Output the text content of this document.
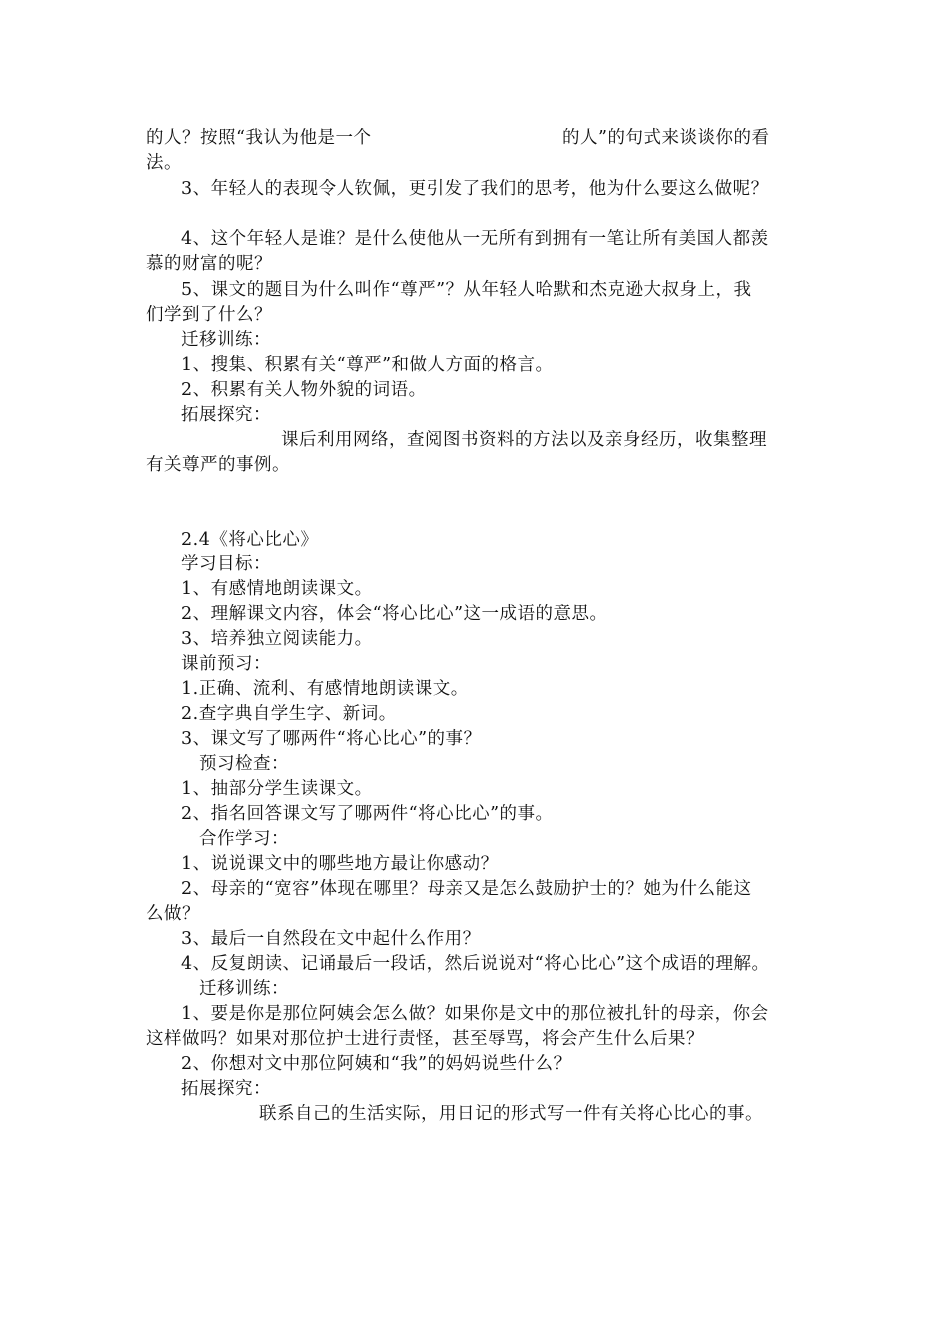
的人？按照“我认为他是一个	的人”的句式来谈谈你的看
法。
3、年轻人的表现令人钦佩，更引发了我们的思考，他为什么要这么做呢？
4、这个年轻人是谁？是什么使他从一无所有到拥有一笔让所有美国人都羡
慕的财富的呢？
5、课文的题目为什么叫作“尊严”？从年轻人哈默和杰克逊大叔身上，我
们学到了什么？
迁移训练：
1、搜集、积累有关“尊严”和做人方面的格言。
2、积累有关人物外貌的词语。
拓展探究：
课后利用网络，查阅图书资料的方法以及亲身经历，收集整理
有关尊严的事例。
2.4《将心比心》
学习目标：
1、有感情地朗读课文。
2、理解课文内容，体会“将心比心”这一成语的意思。
3、培养独立阅读能力。
课前预习：
1.正确、流利、有感情地朗读课文。
2.查字典自学生字、新词。
3、课文写了哪两件“将心比心”的事？
预习检查：
1、抽部分学生读课文。
2、指名回答课文写了哪两件“将心比心”的事。
合作学习：
1、说说课文中的哪些地方最让你感动？
2、母亲的“宽容”体现在哪里？母亲又是怎么鼓励护士的？她为什么能这
么做？
3、最后一自然段在文中起什么作用？
4、反复朗读、记诵最后一段话，然后说说对“将心比心”这个成语的理解。
迁移训练：
1、要是你是那位阿姨会怎么做？如果你是文中的那位被扎针的母亲，你会
这样做吗？如果对那位护士进行责怪，甚至辱骂，将会产生什么后果？
2、你想对文中那位阿姨和“我”的妈妈说些什么？
拓展探究：
联系自己的生活实际，用日记的形式写一件有关将心比心的事。
